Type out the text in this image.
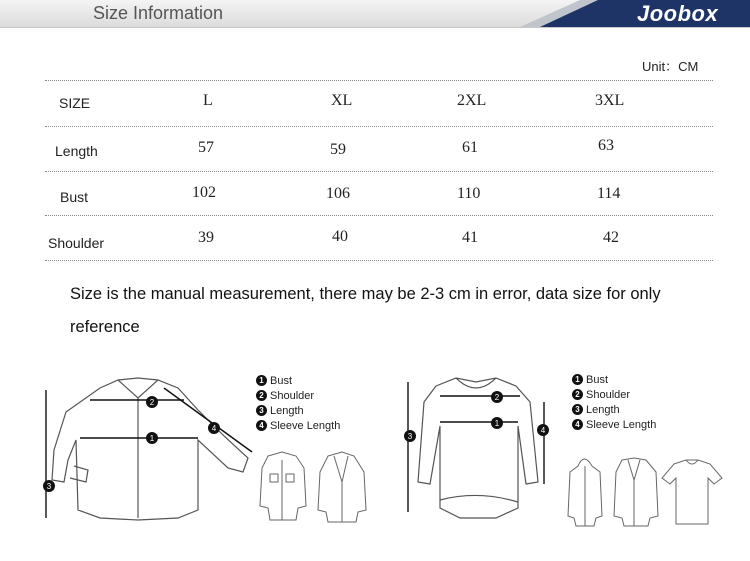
Size Information	Joobox
Unit：CM
SIZE	L	XL	2XL	3XL
Length	57	59	61	63
Bust	102	106	110	114
Shoulder	39	40	41	42
Size is the manual measurement, there may be 2-3 cm in error, data size for only reference
1
2
3
4
1 Bust
2 Shoulder
3 Length
4 Sleeve Length	1
2
3
4
1 Bust
2 Shoulder
3 Length
4 Sleeve Length
